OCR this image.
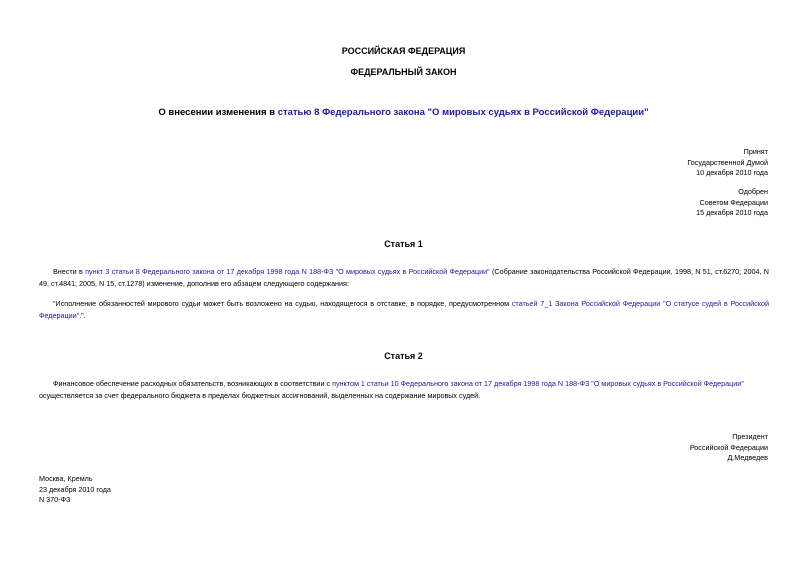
РОССИЙСКАЯ ФЕДЕРАЦИЯ
ФЕДЕРАЛЬНЫЙ ЗАКОН
О внесении изменения в статью 8 Федерального закона "О мировых судьях в Российской Федерации"
Принят
Государственной Думой
10 декабря 2010 года
Одобрен
Советом Федерации
15 декабря 2010 года
Статья 1
Внести в пункт 3 статьи 8 Федерального закона от 17 декабря 1998 года N 188-ФЗ "О мировых судьях в Российской Федерации" (Собрание законодательства Российской Федерации, 1998, N 51, ст.6270; 2004, N 49, ст.4841; 2005, N 15, ст.1278) изменение, дополнив его абзацем следующего содержания:
"Исполнение обязанностей мирового судьи может быть возложено на судью, находящегося в отставке, в порядке, предусмотренном статьей 7_1 Закона Российской Федерации "О статусе судей в Российской Федерации".".
Статья 2
Финансовое обеспечение расходных обязательств, возникающих в соответствии с пунктом 1 статьи 10 Федерального закона от 17 декабря 1998 года N 188-ФЗ "О мировых судьях в Российской Федерации"
осуществляется за счет федерального бюджета в пределах бюджетных ассигнований, выделенных на содержание мировых судей.
Президент
Российской Федерации
Д.Медведев
Москва, Кремль
23 декабря 2010 года
N 370-ФЗ
